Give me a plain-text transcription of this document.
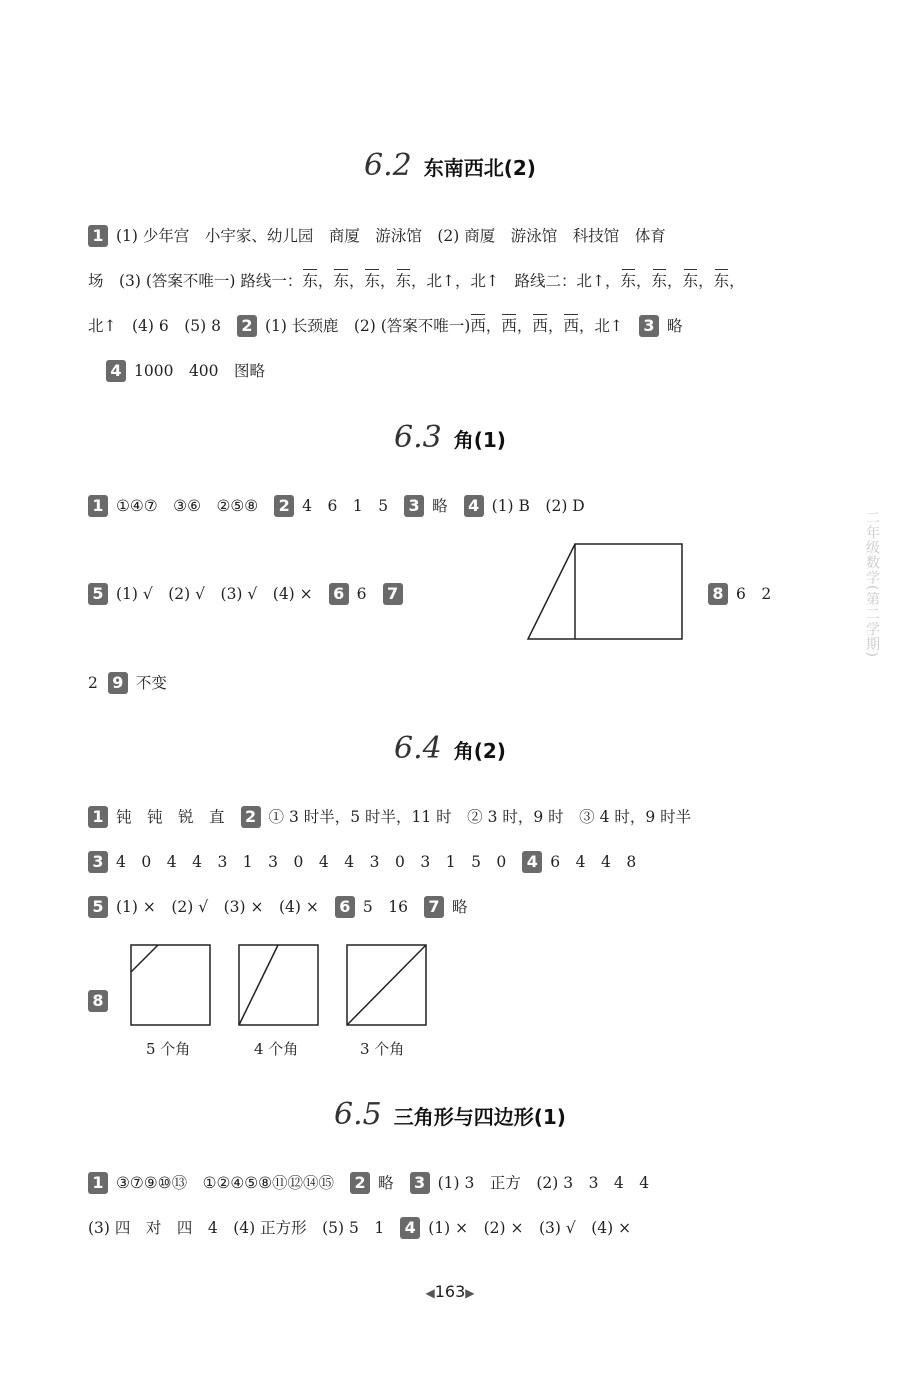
6.2 东南西北(2)
1 (1) 少年宫　小宇家、幼儿园　商厦　游泳馆　(2) 商厦　游泳馆　科技馆　体育
场　(3) (答案不唯一) 路线一：东，东，东，东，北↑，北↑　路线二：北↑，东，东，东，东，
北↑　(4) 6　(5) 8 2 (1) 长颈鹿　(2) (答案不唯一)西，西，西，西，北↑ 3 略
4 1000　400　图略
6.3 角(1)
1 ①④⑦　③⑥　②⑤⑧ 2 4　6　1　5 3 略 4 (1) B　(2) D
5 (1) √　(2) √　(3) √　(4) × 6 6 7	8 6　2
2 9 不变
6.4 角(2)
1 钝　钝　锐　直 2 ① 3 时半，5 时半，11 时　② 3 时，9 时　③ 4 时，9 时半
3 4　0　4　4　3　1　3　0　4　4　3　0　3　1　5　0 4 6　4　4　8
5 (1) ×　(2) √　(3) ×　(4) × 6 5　16 7 略
8
5 个角	4 个角	3 个角
6.5 三角形与四边形(1)
1 ③⑦⑨⑩⑬　①②④⑤⑧⑪⑫⑭⑮ 2 略 3 (1) 3　正方　(2) 3　3　4　4
(3) 四　对　四　4　(4) 正方形　(5) 5　1 4 (1) ×　(2) ×　(3) √　(4) ×
二年级数学(第二学期)
◀163▶
